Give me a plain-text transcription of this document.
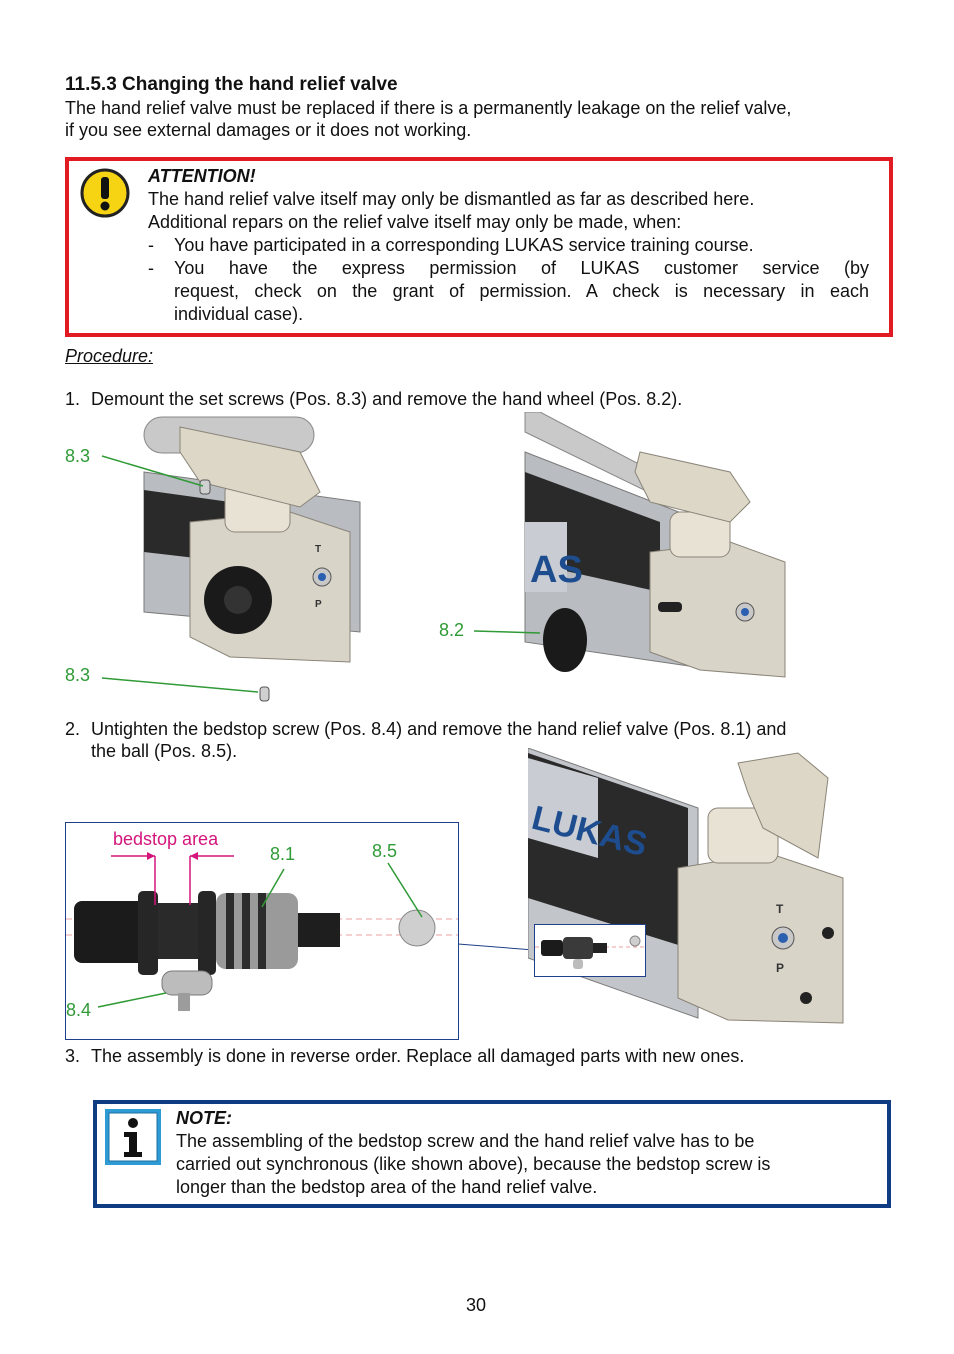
11.5.3 Changing the hand relief valve
The hand relief valve must be replaced if there is a permanently leakage on the relief valve,
if you see external damages or it does not working.
ATTENTION!
The hand relief valve itself may only be dismantled as far as described here.
Additional repars on the relief valve itself may only be made, when:
- You have participated in a corresponding LUKAS service training course.
- You have the express permission of LUKAS customer service (by
request, check on the grant of permission. A check is necessary in each
individual case).
Procedure:
1. Demount the set screws (Pos. 8.3) and remove the hand wheel (Pos. 8.2).
T
P
8.3
8.3
AS
8.2
2. Untighten the bedstop screw (Pos. 8.4) and remove the hand relief valve (Pos. 8.1) and
the ball (Pos. 8.5).
bedstop area
8.1	8.5
8.4
LUKAS
T
P
3. The assembly is done in reverse order. Replace all damaged parts with new ones.
NOTE:
The assembling of the bedstop screw and the hand relief valve has to be
carried out synchronous (like shown above), because the bedstop screw is
longer than the bedstop area of the hand relief valve.
30
